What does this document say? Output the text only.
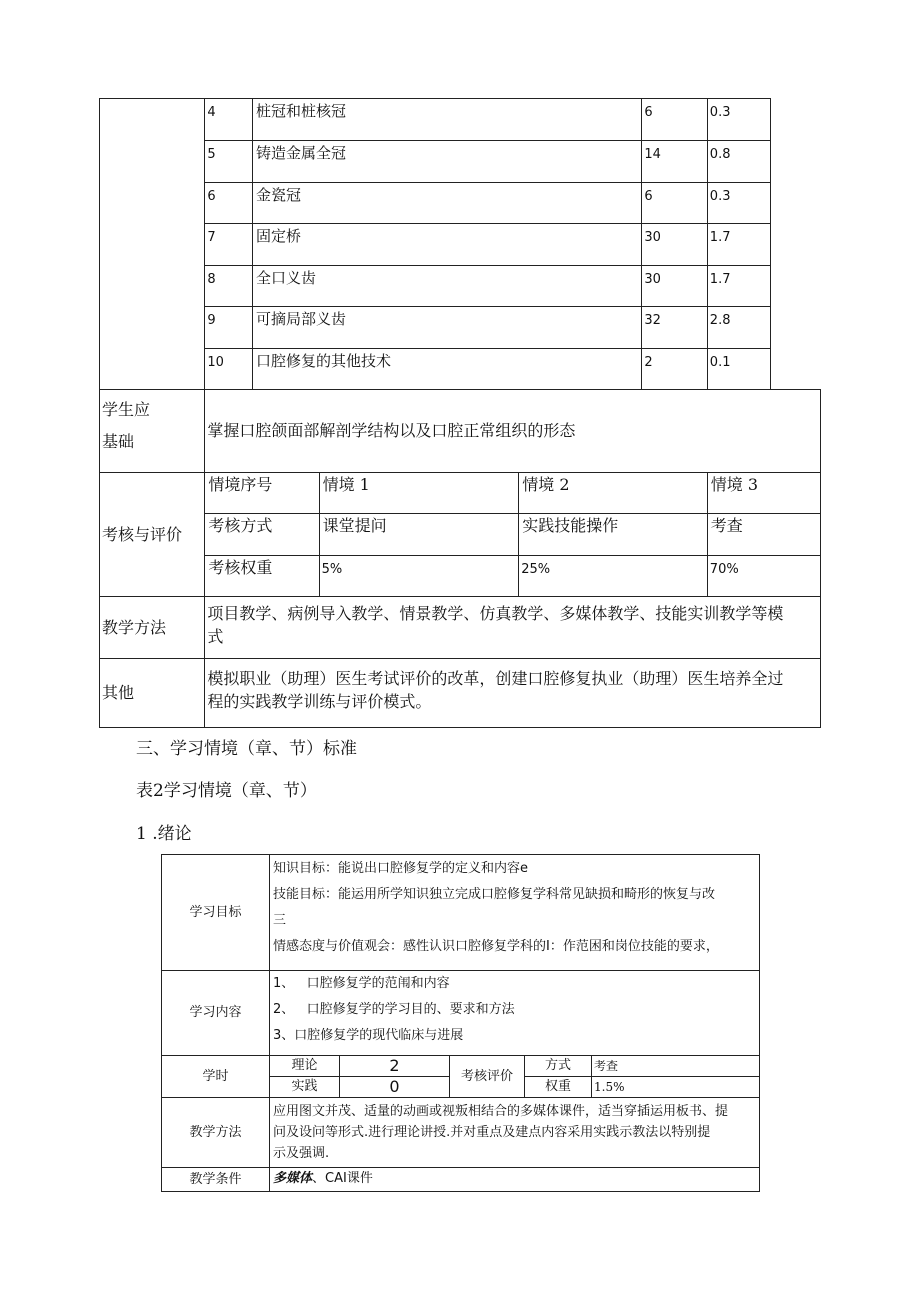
	4	桩冠和桩核冠			6	0.3
	5	铸造金属全冠			14	0.8
	6	金瓷冠			6	0.3
	7	固定桥			30	1.7
	8	全口义齿			30	1.7
	9	可摘局部义齿			32	2.8
	10	口腔修复的其他技术			2	0.1

学生应
基础	掌握口腔颌面部解剖学结构以及口腔正常组织的形态					
考核与评价	情境序号		情境 1	情境 2		情境 3
	考核方式		课堂提问	实践技能操作		考查
	考核权重		5%	25%		70%
教学方法	项目教学、病例导入教学、情景教学、仿真教学、多媒体教学、技能实训教学等模
式					

其他	模拟职业（助理）医生考试评价的改革，创建口腔修复执业（助理）医生培养全过
程的实践教学训练与评价模式。					
三、学习情境（章、节）标准
表2学习情境（章、节）
1 .绪论
学习目标	知识目标：能说出口腔修复学的定义和内容e
技能目标：能运用所学知识独立完成口腔修复学科常见缺损和畸形的恢复与改
三
情感态度与价值观会：感性认识口腔修复学科的I：作范困和岗位技能的要求，				

学习内容	1、   口腔修复学的范闱和内容
2、   口腔修复学的学习目的、要求和方法
3、口腔修复学的现代临床与进展				

学时	理论	2	考核评价	方式	考查
	实践	0		权重	1.5%
教学方法	应用图文并茂、适量的动画或视叛相结合的多媒体课件，适当穿插运用板书、提
问及设问等形式.进行理论讲授.并对重点及建点内容采用实践示教法以特别提
示及强调.				

教学条件	多媒体、CAI课件				
